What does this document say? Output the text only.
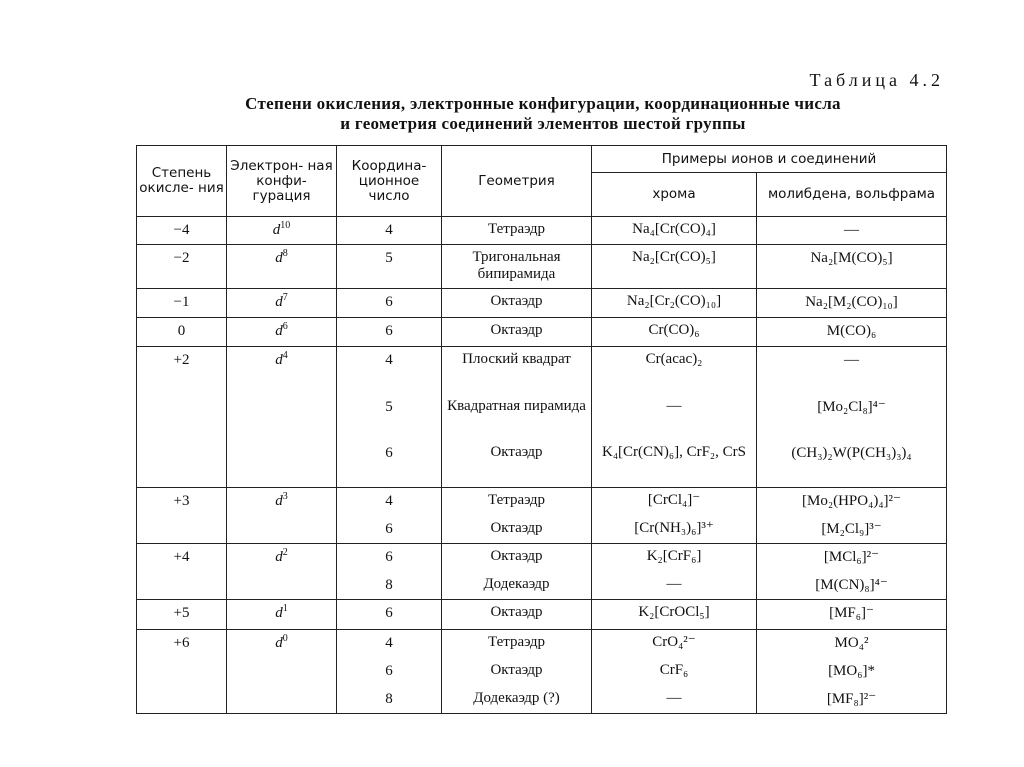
Таблица 4.2
Степени окисления, электронные конфигурации, координационные числа
и геометрия соединений элементов шестой группы
Степень окисле- ния	Электрон- ная конфи- гурация	Координа- ционное число	Геометрия	Примеры ионов и соединений	
				хрома	молибдена, вольфрама
−4	$d^{10}$	4	Тетраэдр	Na₄[Cr(CO)₄]	—
−2	$d^8$	5	Тригональная бипирамида	Na₂[Cr(CO)₅]	Na₂[M(CO)₅]
−1	$d^7$	6	Октаэдр	Na₂[Cr₂(CO)₁₀]	Na₂[M₂(CO)₁₀]
0	$d^6$	6	Октаэдр	Cr(CO)₆	M(CO)₆
+2	$d^4$	4	Плоский квадрат	Cr(acac)₂	—
		5	Квадратная пирамида	—	[Mo₂Cl₈]⁴⁻
		6	Октаэдр	K₄[Cr(CN)₆], CrF₂, CrS	(CH₃)₂W(P(CH₃)₃)₄
+3	$d^3$	4	Тетраэдр	[CrCl₄]⁻	[Mo₂(HPO₄)₄]²⁻
		6	Октаэдр	[Cr(NH₃)₆]³⁺	[M₂Cl₉]³⁻
+4	$d^2$	6	Октаэдр	K₂[CrF₆]	[MCl₆]²⁻
		8	Додекаэдр	—	[M(CN)₈]⁴⁻
+5	$d^1$	6	Октаэдр	K₂[CrOCl₅]	[MF₆]⁻
+6	$d^0$	4	Тетраэдр	CrO₄²⁻	MO₄²
		6	Октаэдр	CrF₆	[MO₆]*
		8	Додекаэдр (?)	—	[MF₈]²⁻
